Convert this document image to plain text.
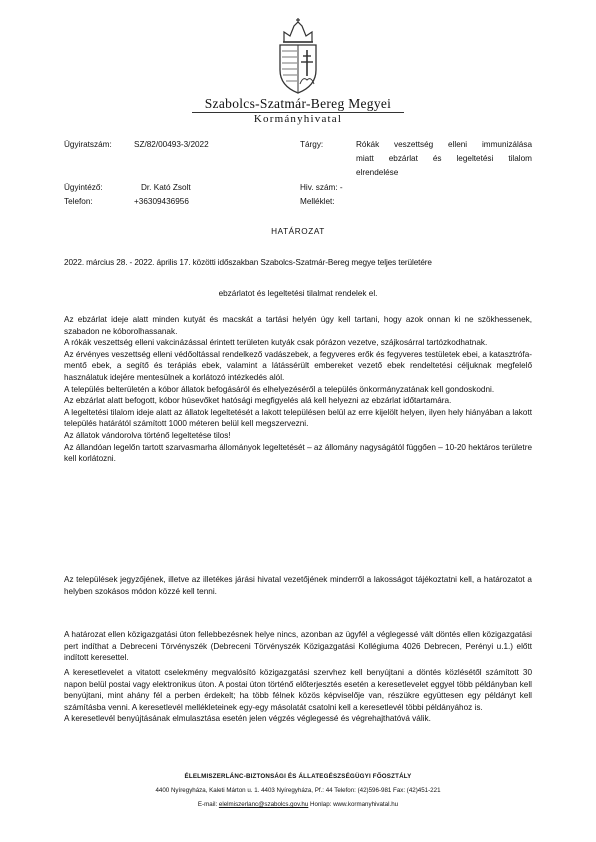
Szabolcs-Szatmár-Bereg Megyei
Kormányhivatal
Ügyiratszám:	SZ/82/00493-3/2022
Ügyintéző:	Dr. Kató Zsolt
Telefon:	+36309436956
Tárgy:	Rókák veszettség elleni immunizálása
miatt ebzárlat és legeltetési tilalom
elrendelése
Hiv. szám: -
Melléklet:
HATÁROZAT
2022. március 28. - 2022. április 17. közötti időszakban Szabolcs-Szatmár-Bereg megye teljes területére
ebzárlatot és legeltetési tilalmat rendelek el.

Az ebzárlat ideje alatt minden kutyát és macskát a tartási helyén úgy kell tartani, hogy azok onnan ki ne szökhessenek, szabadon ne kóborolhassanak.

A rókák veszettség elleni vakcinázással érintett területen kutyák csak pórázon vezetve, szájkosárral tartózkodhatnak.

Az érvényes veszettség elleni védőoltással rendelkező vadászebek, a fegyveres erők és fegyveres testületek ebei, a katasztrófa-mentő ebek, a segítő és terápiás ebek, valamint a látássérült embereket vezető ebek rendeltetési céljuknak megfelelő használatuk idejére mentesülnek a korlátozó intézkedés alól.

A település belterületén a kóbor állatok befogásáról és elhelyezéséről a település önkormányzatának kell gondoskodni.

Az ebzárlat alatt befogott, kóbor húsevőket hatósági megfigyelés alá kell helyezni az ebzárlat időtartamára.

A legeltetési tilalom ideje alatt az állatok legeltetését a lakott településen belül az erre kijelölt helyen, ilyen hely hiányában a lakott település határától számított 1000 méteren belül kell megszervezni.

Az állatok vándorolva történő legeltetése tilos!

Az állandóan legelőn tartott szarvasmarha állományok legeltetését – az állomány nagyságától függően – 10-20 hektáros területre kell korlátozni.

Az települések jegyzőjének, illetve az illetékes járási hivatal vezetőjének minderről a lakosságot tájékoztatni kell, a határozatot a helyben szokásos módon közzé kell tenni.

A határozat ellen közigazgatási úton fellebbezésnek helye nincs, azonban az ügyfél a véglegessé vált döntés ellen közigazgatási pert indíthat a Debreceni Törvényszék (Debreceni Törvényszék Közigazgatási Kollégiuma 4026 Debrecen, Perényi u.1.) előtt indított keresettel.

A keresetlevelet a vitatott cselekmény megvalósító közigazgatási szervhez kell benyújtani a döntés közlésétől számított 30 napon belül postai vagy elektronikus úton. A postai úton történő előterjesztés esetén a keresetlevelet eggyel több példányban kell benyújtani, mint ahány fél a perben érdekelt; ha több félnek közös képviselője van, részükre együttesen egy példányt kell számításba venni. A keresetlevél mellékleteinek egy-egy másolatát csatolni kell a keresetlevél többi példányához is.

A keresetlevél benyújtásának elmulasztása esetén jelen végzés véglegessé és végrehajthatóvá válik.

ÉLELMISZERLÁNC-BIZTONSÁGI ÉS ÁLLATEGÉSZSÉGÜGYI FŐOSZTÁLY
4400 Nyíregyháza, Kaleti Márton u. 1. 4403 Nyíregyháza, Pf.: 44 Telefon: (42)596-981 Fax: (42)451-221
E-mail: elelmiszerlanc@szabolcs.gov.hu Honlap: www.kormanyhivatal.hu
